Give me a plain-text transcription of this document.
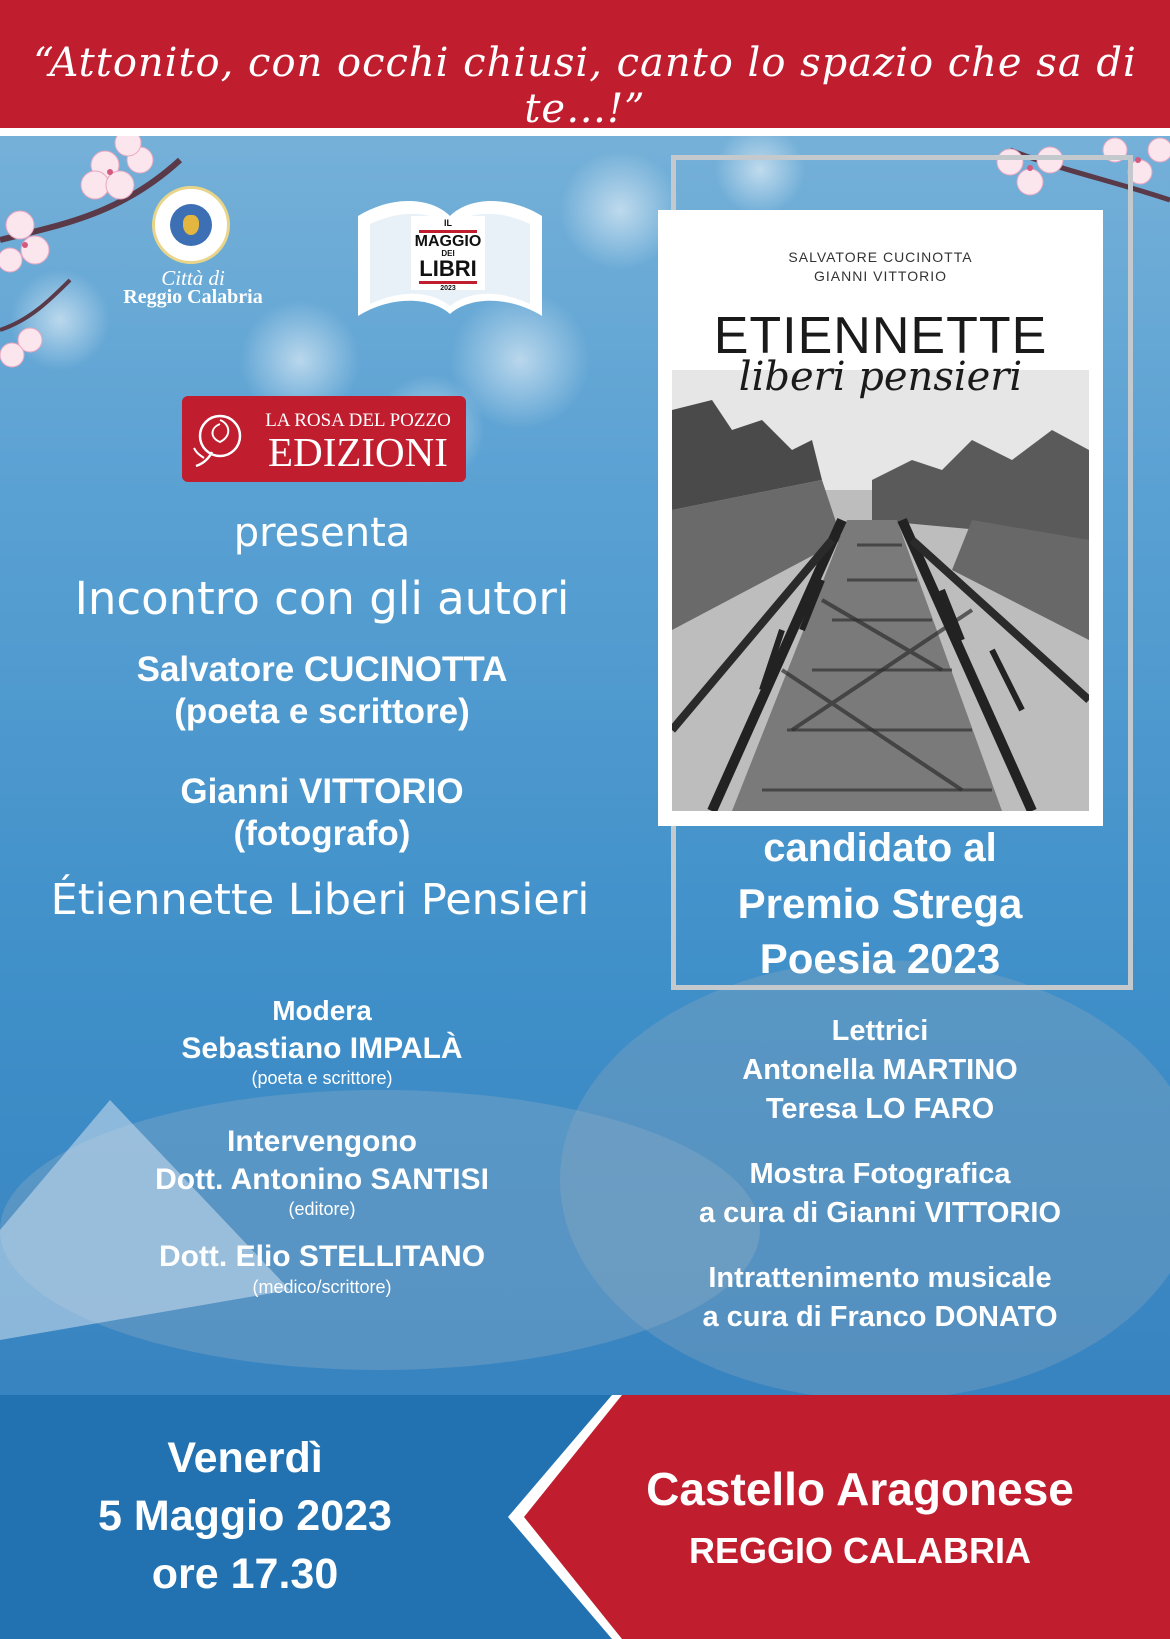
“Attonito, con occhi chiusi, canto lo spazio che sa di te…!”
Città di
Reggio Calabria
IL
MAGGIO
DEI
LIBRI
2023
LA ROSA DEL POZZO
EDIZIONI
presenta
Incontro con gli autori
Salvatore CUCINOTTA
(poeta e scrittore)
Gianni VITTORIO
(fotografo)
Étiennette Liberi Pensieri
Modera
Sebastiano IMPALÀ
(poeta e scrittore)
Intervengono
Dott. Antonino SANTISI
(editore)
Dott. Elio STELLITANO
(medico/scrittore)
SALVATORE CUCINOTTA
GIANNI VITTORIO
ETIENNETTE
liberi pensieri
candidato al
Premio Strega
Poesia 2023
Lettrici
Antonella MARTINO
Teresa LO FARO
Mostra Fotografica
a cura di Gianni VITTORIO
Intrattenimento musicale
a cura di Franco DONATO
Venerdì
5 Maggio 2023
ore 17.30
Castello Aragonese
REGGIO CALABRIA
